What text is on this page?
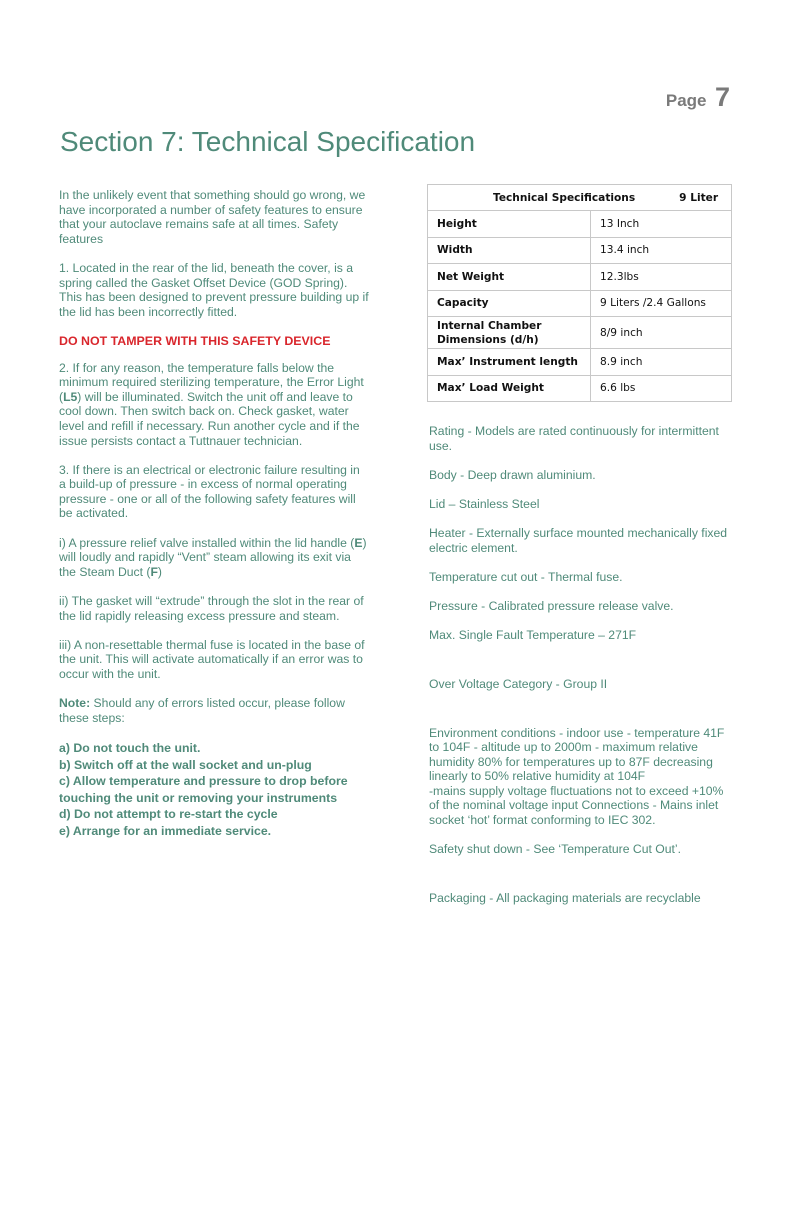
Page 7
Section 7: Technical Specification

In the unlikely event that something should go wrong, we have incorporated a number of safety features to ensure that your autoclave remains safe at all times. Safety features

1. Located in the rear of the lid, beneath the cover, is a spring called the Gasket Offset Device (GOD Spring). This has been designed to prevent pressure building up if the lid has been incorrectly fitted.

DO NOT TAMPER WITH THIS SAFETY DEVICE

2. If for any reason, the temperature falls below the minimum required sterilizing temperature, the Error Light (L5) will be illuminated. Switch the unit off and leave to cool down. Then switch back on. Check gasket, water level and refill if necessary. Run another cycle and if the issue persists contact a Tuttnauer technician.

3. If there is an electrical or electronic failure resulting in a build-up of pressure - in excess of normal operating pressure - one or all of the following safety features will be activated.

i) A pressure relief valve installed within the lid handle (E) will loudly and rapidly “Vent” steam allowing its exit via the Steam Duct (F)

ii) The gasket will “extrude” through the slot in the rear of the lid rapidly releasing excess pressure and steam.

iii) A non-resettable thermal fuse is located in the base of the unit. This will activate automatically if an error was to occur with the unit.

Note: Should any of errors listed occur, please follow these steps:

a) Do not touch the unit.
b) Switch off at the wall socket and un-plug
c) Allow temperature and pressure to drop before
touching the unit or removing your instruments
d) Do not attempt to re-start the cycle
e) Arrange for an immediate service.
Technical Specifications 9 Liter	
Height	13 Inch
Width	13.4 inch
Net Weight	12.3lbs
Capacity	9 Liters /2.4 Gallons
Internal Chamber Dimensions (d/h)	8/9 inch
Max’ Instrument length	8.9 inch
Max’ Load Weight	6.6 lbs

Rating - Models are rated continuously for intermittent use.

Body - Deep drawn aluminium.

Lid – Stainless Steel

Heater - Externally surface mounted mechanically fixed electric element.

Temperature cut out - Thermal fuse.

Pressure - Calibrated pressure release valve.

Max. Single Fault Temperature – 271F

Over Voltage Category - Group II

Environment conditions - indoor use - temperature 41F to 104F - altitude up to 2000m - maximum relative humidity 80% for temperatures up to 87F decreasing linearly to 50% relative humidity at 104F

-mains supply voltage fluctuations not to exceed +10% of the nominal voltage input Connections - Mains inlet socket ‘hot’ format conforming to IEC 302.

Safety shut down - See ‘Temperature Cut Out’.

Packaging - All packaging materials are recyclable
